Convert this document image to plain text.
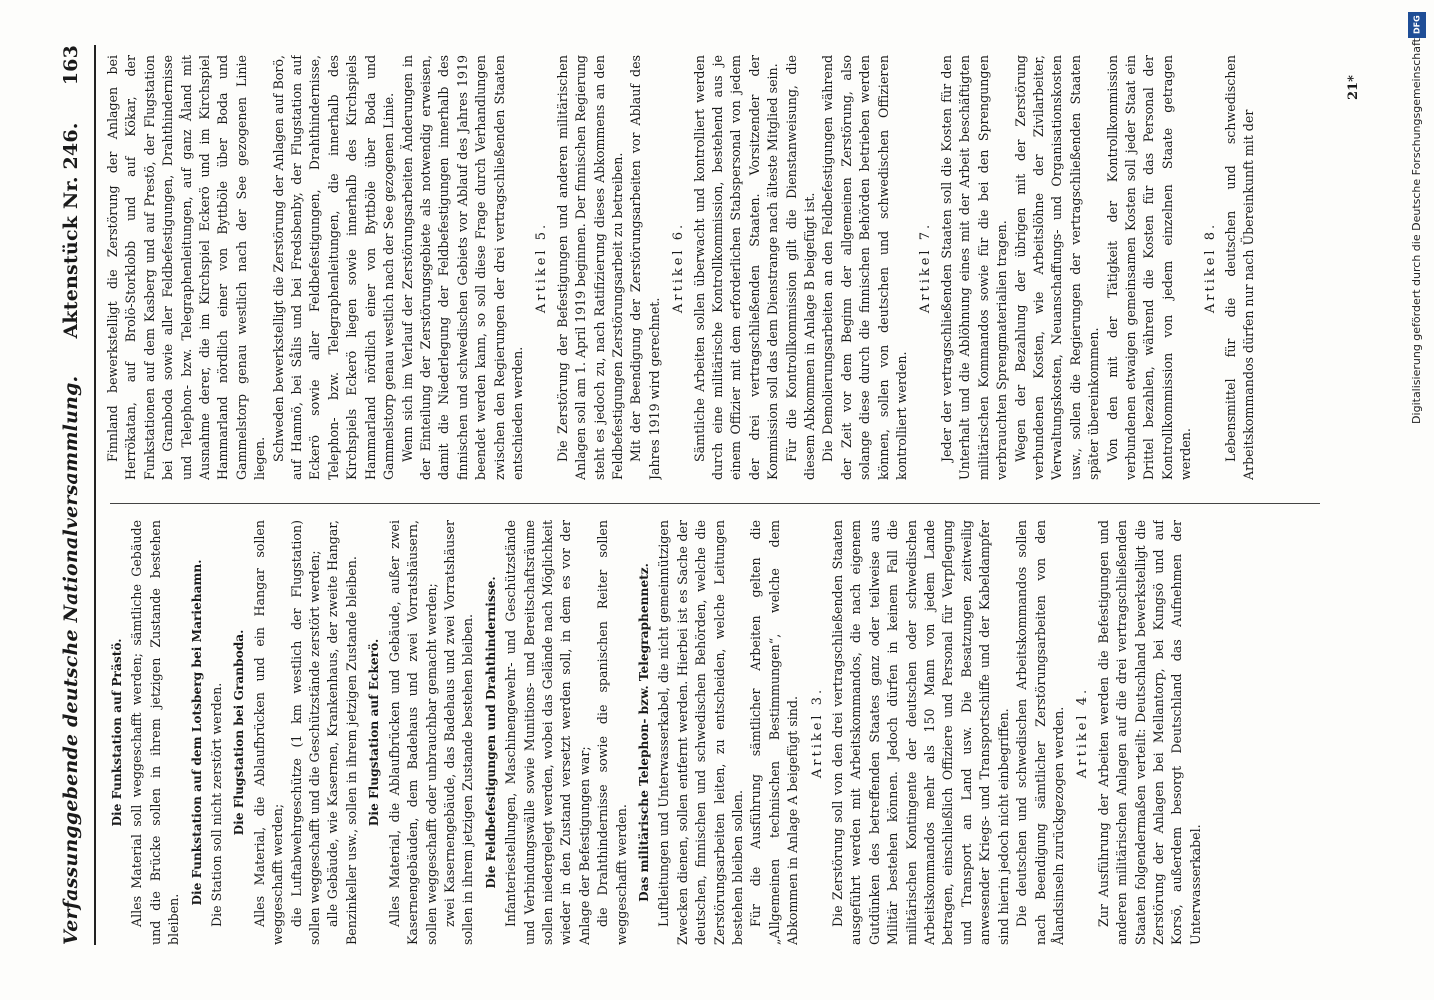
Verfassunggebende deutsche Nationalversammlung.
Aktenstück Nr. 246.
163
Die Funkstation auf Prästö. Alles Material soll weggeschafft werden; sämtliche Gebäude und die Brücke sollen in ihrem jetzigen Zustande bestehen bleiben.

Die Funkstation auf dem Lotsberg bei Mariehamn. Die Station soll nicht zerstört werden. Die Flugstation bei Granboda. Alles Material, die Ablaufbrücken und ein Hangar sollen weggeschafft werden; die Luftabwehrgeschütze (1 km westlich der Flugstation) sollen weggeschafft und die Geschützstände zerstört werden; alle Gebäude, wie Kasernen, Krankenhaus, der zweite Hangar, Benzinkeller usw., sollen in ihrem jetzigen Zustande bleiben. Die Flugstation auf Eckerö. Alles Material, die Ablaufbrücken und Gebäude, außer zwei Kasernengebäuden, dem Badehaus und zwei Vorratshäusern, sollen weggeschafft oder unbrauchbar gemacht werden; zwei Kasernengebäude, das Badehaus und zwei Vorratshäuser sollen in ihrem jetzigen Zustande bestehen bleiben. Die Feldbefestigungen und Drahthindernisse. Infanteriestellungen, Maschinengewehr- und Geschützstände und Verbindungswälle sowie Munitions- und Bereitschaftsräume sollen niedergelegt werden, wobei das Gelände nach Möglichkeit wieder in den Zustand versetzt werden soll, in dem es vor der Anlage der Befestigungen war; die Drahthindernisse sowie die spanischen Reiter sollen weggeschafft werden. Das militärische Telephon- bzw. Telegraphennetz. Luftleitungen und Unterwasserkabel, die nicht gemeinnützigen Zwecken dienen, sollen entfernt werden. Hierbei ist es Sache der deutschen, finnischen und schwedischen Behörden, welche die Zerstörungsarbeiten leiten, zu entscheiden, welche Leitungen bestehen bleiben sollen. Für die Ausführung sämtlicher Arbeiten gelten die „Allgemeinen technischen Bestimmungen“, welche dem Abkommen in Anlage A beigefügt sind. Artikel 3. Die Zerstörung soll von den drei vertragschließenden Staaten ausgeführt werden mit Arbeitskommandos, die nach eigenem Gutdünken des betreffenden Staates ganz oder teilweise aus Militär bestehen können. Jedoch dürfen in keinem Fall die militärischen Kontingente der deutschen oder schwedischen Arbeitskommandos mehr als 150 Mann von jedem Lande betragen, einschließlich Offiziere und Personal für Verpflegung und Transport an Land usw. Die Besatzungen zeitweilig anwesender Kriegs- und Transportschiffe und der Kabeldampfer sind hierin jedoch nicht einbegriffen. Die deutschen und schwedischen Arbeitskommandos sollen nach Beendigung sämtlicher Zerstörungsarbeiten von den Ålandsinseln zurückgezogen werden. Artikel 4. Zur Ausführung der Arbeiten werden die Befestigungen und anderen militärischen Anlagen auf die drei vertragschließenden Staaten folgendermaßen verteilt: Deutschland bewerkstelligt die Zerstörung der Anlagen bei Mellantorp, bei Kungsö und auf Korsö, außerdem besorgt Deutschland das Aufnehmen der Unterwasserkabel.

Finnland bewerkstelligt die Zerstörung der Anlagen bei Herrökatan, auf Brolö-Storklobb und auf Kökar, der Funkstationen auf dem Kasberg und auf Prestö, der Flugstation bei Granboda sowie aller Feldbefestigungen, Drahthindernisse und Telephon- bzw. Telegraphenleitungen, auf ganz Åland mit Ausnahme derer, die im Kirchspiel Eckerö und im Kirchspiel Hammarland nördlich einer von Byttböle über Boda und Gammelstorp genau westlich nach der See gezogenen Linie liegen. Schweden bewerkstelligt die Zerstörung der Anlagen auf Borö, auf Hamnö, bei Sålis und bei Fredsbenby, der Flugstation auf Eckerö sowie aller Feldbefestigungen, Drahthindernisse, Telephon- bzw. Telegraphenleitungen, die innerhalb des Kirchspiels Eckerö liegen sowie innerhalb des Kirchspiels Hammarland nördlich einer von Byttböle über Boda und Gammelstorp genau westlich nach der See gezogenen Linie. Wenn sich im Verlauf der Zerstörungsarbeiten Änderungen in der Einteilung der Zerstörungsgebiete als notwendig erweisen, damit die Niederlegung der Feldbefestigungen innerhalb des finnischen und schwedischen Gebiets vor Ablauf des Jahres 1919 beendet werden kann, so soll diese Frage durch Verhandlungen zwischen den Regierungen der drei vertragschließenden Staaten entschieden werden.

Artikel 5. Die Zerstörung der Befestigungen und anderen militärischen Anlagen soll am 1. April 1919 beginnen. Der finnischen Regierung steht es jedoch zu, nach Ratifizierung dieses Abkommens an den Feldbefestigungen Zerstörungsarbeit zu betreiben. Mit der Beendigung der Zerstörungsarbeiten vor Ablauf des Jahres 1919 wird gerechnet.

Artikel 6. Sämtliche Arbeiten sollen überwacht und kontrolliert werden durch eine militärische Kontrollkommission, bestehend aus je einem Offizier mit dem erforderlichen Stabspersonal von jedem der drei vertragschließenden Staaten. Vorsitzender der Kommission soll das dem Dienstrange nach älteste Mitglied sein. Für die Kontrollkommission gilt die Dienstanweisung, die diesem Abkommen in Anlage B beigefügt ist. Die Demolierungsarbeiten an den Feldbefestigungen während der Zeit vor dem Beginn der allgemeinen Zerstörung, also solange diese durch die finnischen Behörden betrieben werden können, sollen von deutschen und schwedischen Offizieren kontrolliert werden.

Artikel 7. Jeder der vertragschließenden Staaten soll die Kosten für den Unterhalt und die Ablöhnung eines mit der Arbeit beschäftigten militärischen Kommandos sowie für die bei den Sprengungen verbrauchten Sprengmaterialien tragen. Wegen der Bezahlung der übrigen mit der Zerstörung verbundenen Kosten, wie Arbeitslöhne der Zivilarbeiter, Verwaltungskosten, Neuanschaffungs- und Organisationskosten usw., sollen die Regierungen der vertragschließenden Staaten später übereinkommen. Von den mit der Tätigkeit der Kontrollkommission verbundenen etwaigen gemeinsamen Kosten soll jeder Staat ein Drittel bezahlen, während die Kosten für das Personal der Kontrollkommission von jedem einzelnen Staate getragen werden.

Artikel 8. Lebensmittel für die deutschen und schwedischen Arbeitskommandos dürfen nur nach Übereinkunft mit der

21*
DFG
Digitalisierung gefördert durch die Deutsche Forschungsgemeinschaft
